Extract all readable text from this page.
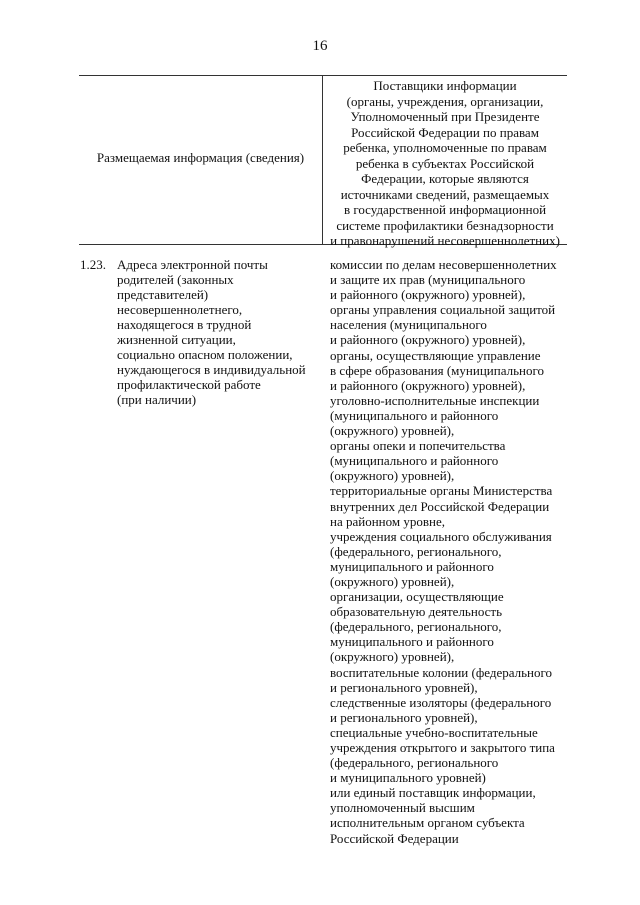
16
Размещаемая информация (сведения)
Поставщики информации
(органы, учреждения, организации,
Уполномоченный при Президенте
Российской Федерации по правам
ребенка, уполномоченные по правам
ребенка в субъектах Российской
Федерации, которые являются
источниками сведений, размещаемых
в государственной информационной
системе профилактики безнадзорности
и правонарушений несовершеннолетних)
1.23. Адреса электронной почты
родителей (законных
представителей)
несовершеннолетнего,
находящегося в трудной
жизненной ситуации,
социально опасном положении,
нуждающегося в индивидуальной
профилактической работе
(при наличии)
комиссии по делам несовершеннолетних
и защите их прав (муниципального
и районного (окружного) уровней),
органы управления социальной защитой
населения (муниципального
и районного (окружного) уровней),
органы, осуществляющие управление
в сфере образования (муниципального
и районного (окружного) уровней),
уголовно-исполнительные инспекции
(муниципального и районного
(окружного) уровней),
органы опеки и попечительства
(муниципального и районного
(окружного) уровней),
территориальные органы Министерства
внутренних дел Российской Федерации
на районном уровне,
учреждения социального обслуживания
(федерального, регионального,
муниципального и районного
(окружного) уровней),
организации, осуществляющие
образовательную деятельность
(федерального, регионального,
муниципального и районного
(окружного) уровней),
воспитательные колонии (федерального
и регионального уровней),
следственные изоляторы (федерального
и регионального уровней),
специальные учебно-воспитательные
учреждения открытого и закрытого типа
(федерального, регионального
и муниципального уровней)
или единый поставщик информации,
уполномоченный высшим
исполнительным органом субъекта
Российской Федерации
